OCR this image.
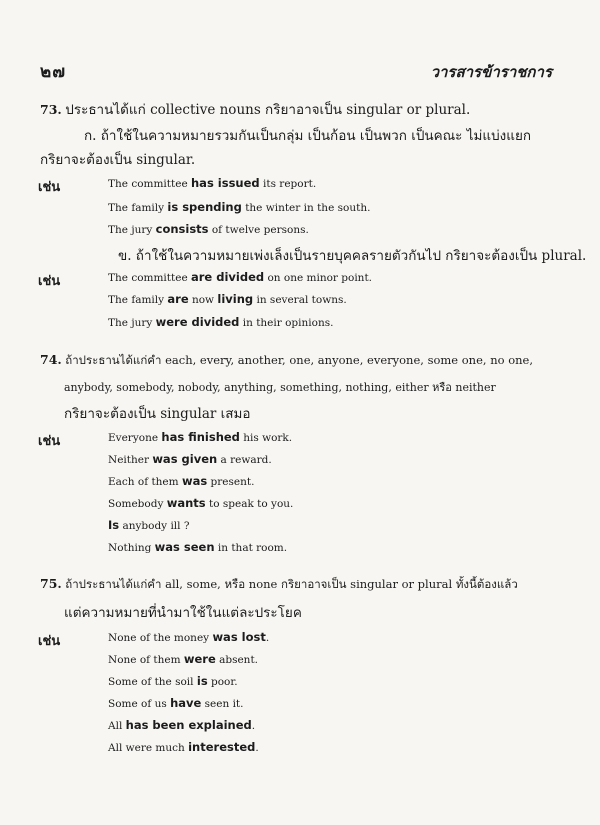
๒๗	วารสารข้าราชการ
73. ประธานได้แก่ collective nouns กริยาอาจเป็น singular or plural.
ก. ถ้าใช้ในความหมายรวมกันเป็นกลุ่ม เป็นก้อน เป็นพวก เป็นคณะ ไม่แบ่งแยก
กริยาจะต้องเป็น singular.
เช่น	The committee has issued its report.
The family is spending the winter in the south.
The jury consists of twelve persons.
ข. ถ้าใช้ในความหมายเพ่งเล็งเป็นรายบุคคลรายตัวกันไป กริยาจะต้องเป็น plural.
เช่น	The committee are divided on one minor point.
The family are now living in several towns.
The jury were divided in their opinions.
74. ถ้าประธานได้แก่คำ each, every, another, one, anyone, everyone, some one, no one,
anybody, somebody, nobody, anything, something, nothing, either หรือ neither
กริยาจะต้องเป็น singular เสมอ
เช่น	Everyone has finished his work.
Neither was given a reward.
Each of them was present.
Somebody wants to speak to you.
Is anybody ill ?
Nothing was seen in that room.
75. ถ้าประธานได้แก่คำ all, some, หรือ none กริยาอาจเป็น singular or plural ทั้งนี้ต้องแล้ว
แต่ความหมายที่นำมาใช้ในแต่ละประโยค
เช่น	None of the money was lost.
None of them were absent.
Some of the soil is poor.
Some of us have seen it.
All has been explained.
All were much interested.
